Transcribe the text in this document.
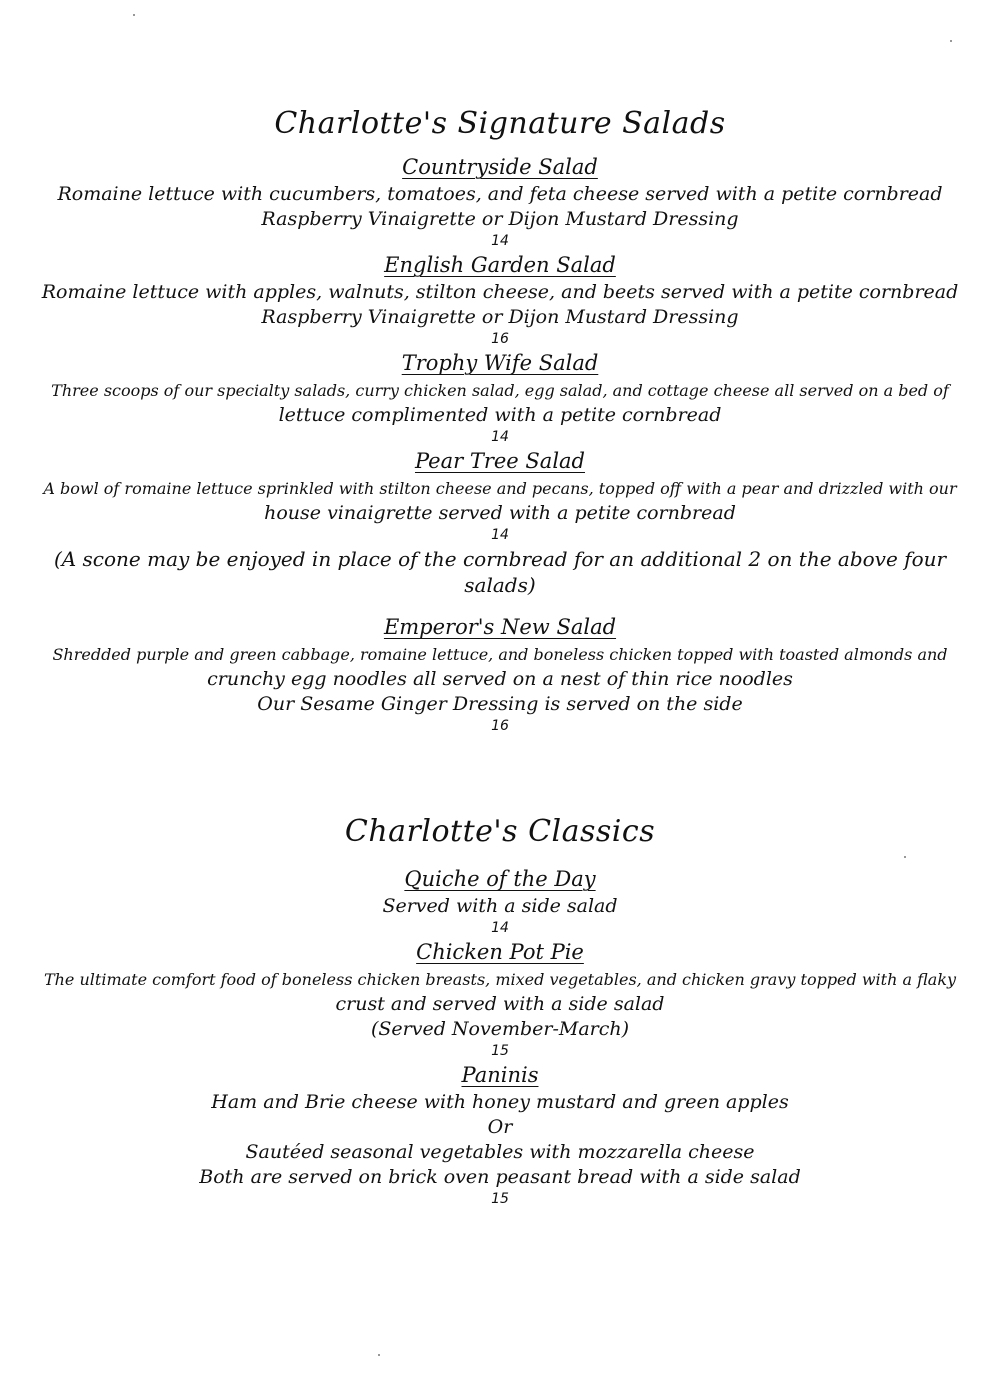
Charlotte's Signature Salads
Countryside Salad
Romaine lettuce with cucumbers, tomatoes, and feta cheese served with a petite cornbread
Raspberry Vinaigrette or Dijon Mustard Dressing
14
English Garden Salad
Romaine lettuce with apples, walnuts, stilton cheese, and beets served with a petite cornbread
Raspberry Vinaigrette or Dijon Mustard Dressing
16
Trophy Wife Salad
Three scoops of our specialty salads, curry chicken salad, egg salad, and cottage cheese all served on a bed of
lettuce complimented with a petite cornbread
14
Pear Tree Salad
A bowl of romaine lettuce sprinkled with stilton cheese and pecans, topped off with a pear and drizzled with our
house vinaigrette served with a petite cornbread
14
(A scone may be enjoyed in place of the cornbread for an additional 2 on the above four salads)
Emperor's New Salad
Shredded purple and green cabbage, romaine lettuce, and boneless chicken topped with toasted almonds and
crunchy egg noodles all served on a nest of thin rice noodles
Our Sesame Ginger Dressing is served on the side
16
Charlotte's Classics
Quiche of the Day
Served with a side salad
14
Chicken Pot Pie
The ultimate comfort food of boneless chicken breasts, mixed vegetables, and chicken gravy topped with a flaky
crust and served with a side salad
(Served November-March)
15
Paninis
Ham and Brie cheese with honey mustard and green apples
Or
Sautéed seasonal vegetables with mozzarella cheese
Both are served on brick oven peasant bread with a side salad
15
